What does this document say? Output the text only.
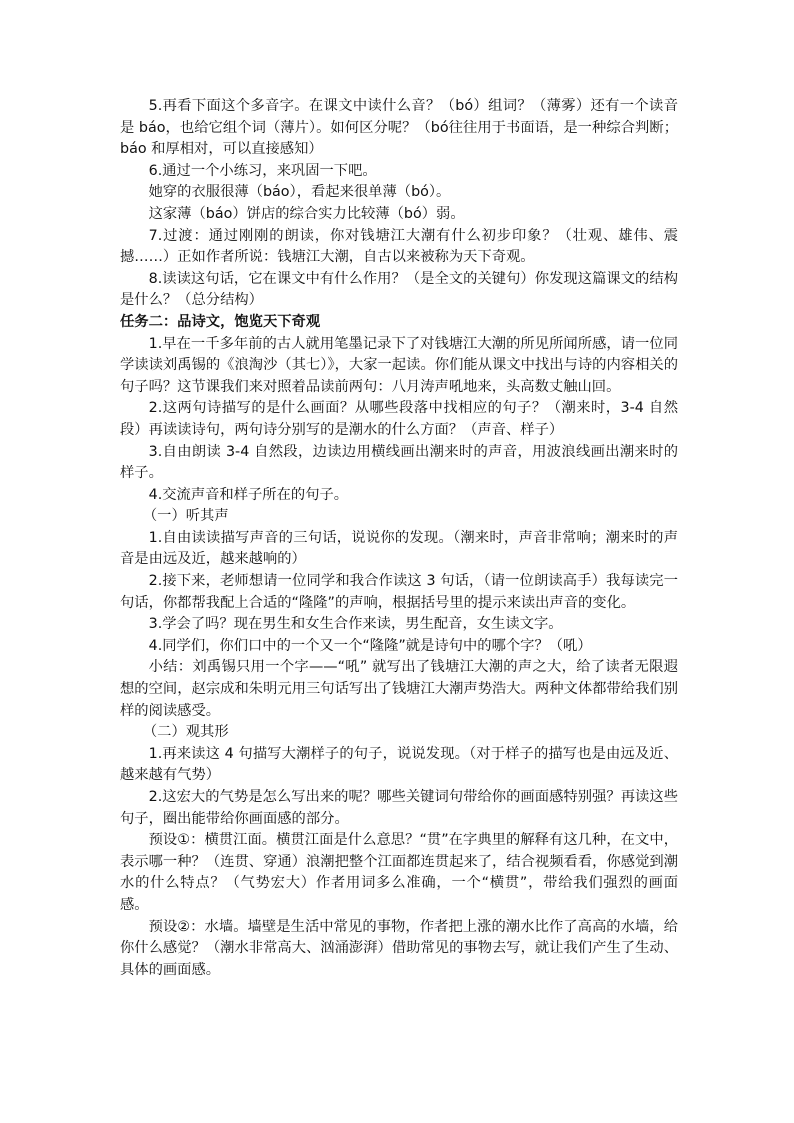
5.再看下面这个多音字。在课文中读什么音？（bó）组词？（薄雾）还有一个读音是 báo，也给它组个词（薄片）。如何区分呢？（bó往往用于书面语，是一种综合判断；báo 和厚相对，可以直接感知）

6.通过一个小练习，来巩固一下吧。

她穿的衣服很薄（báo），看起来很单薄（bó）。

这家薄（báo）饼店的综合实力比较薄（bó）弱。

7.过渡：通过刚刚的朗读，你对钱塘江大潮有什么初步印象？（壮观、雄伟、震撼……）正如作者所说：钱塘江大潮，自古以来被称为天下奇观。

8.读读这句话，它在课文中有什么作用？（是全文的关键句）你发现这篇课文的结构是什么？（总分结构）

任务二：品诗文，饱览天下奇观

1.早在一千多年前的古人就用笔墨记录下了对钱塘江大潮的所见所闻所感，请一位同学读读刘禹锡的《浪淘沙（其七）》，大家一起读。你们能从课文中找出与诗的内容相关的句子吗？这节课我们来对照着品读前两句：八月涛声吼地来，头高数丈触山回。

2.这两句诗描写的是什么画面？从哪些段落中找相应的句子？（潮来时，3-4 自然段）再读读诗句，两句诗分别写的是潮水的什么方面？（声音、样子）

3.自由朗读 3-4 自然段，边读边用横线画出潮来时的声音，用波浪线画出潮来时的样子。

4.交流声音和样子所在的句子。

（一）听其声

1.自由读读描写声音的三句话，说说你的发现。（潮来时，声音非常响；潮来时的声音是由远及近，越来越响的）

2.接下来，老师想请一位同学和我合作读这 3 句话，（请一位朗读高手）我每读完一句话，你都帮我配上合适的“隆隆”的声响，根据括号里的提示来读出声音的变化。

3.学会了吗？现在男生和女生合作来读，男生配音，女生读文字。

4.同学们，你们口中的一个又一个“隆隆”就是诗句中的哪个字？（吼）

小结：刘禹锡只用一个字——“吼” 就写出了钱塘江大潮的声之大，给了读者无限遐想的空间，赵宗成和朱明元用三句话写出了钱塘江大潮声势浩大。两种文体都带给我们别样的阅读感受。

（二）观其形

1.再来读这 4 句描写大潮样子的句子，说说发现。（对于样子的描写也是由远及近、越来越有气势）

2.这宏大的气势是怎么写出来的呢？哪些关键词句带给你的画面感特别强？再读这些句子，圈出能带给你画面感的部分。

预设①：横贯江面。横贯江面是什么意思？“贯”在字典里的解释有这几种，在文中，表示哪一种？（连贯、穿通）浪潮把整个江面都连贯起来了，结合视频看看，你感觉到潮水的什么特点？（气势宏大）作者用词多么准确，一个“横贯”，带给我们强烈的画面感。

预设②：水墙。墙壁是生活中常见的事物，作者把上涨的潮水比作了高高的水墙，给你什么感觉？（潮水非常高大、汹涌澎湃）借助常见的事物去写，就让我们产生了生动、具体的画面感。
